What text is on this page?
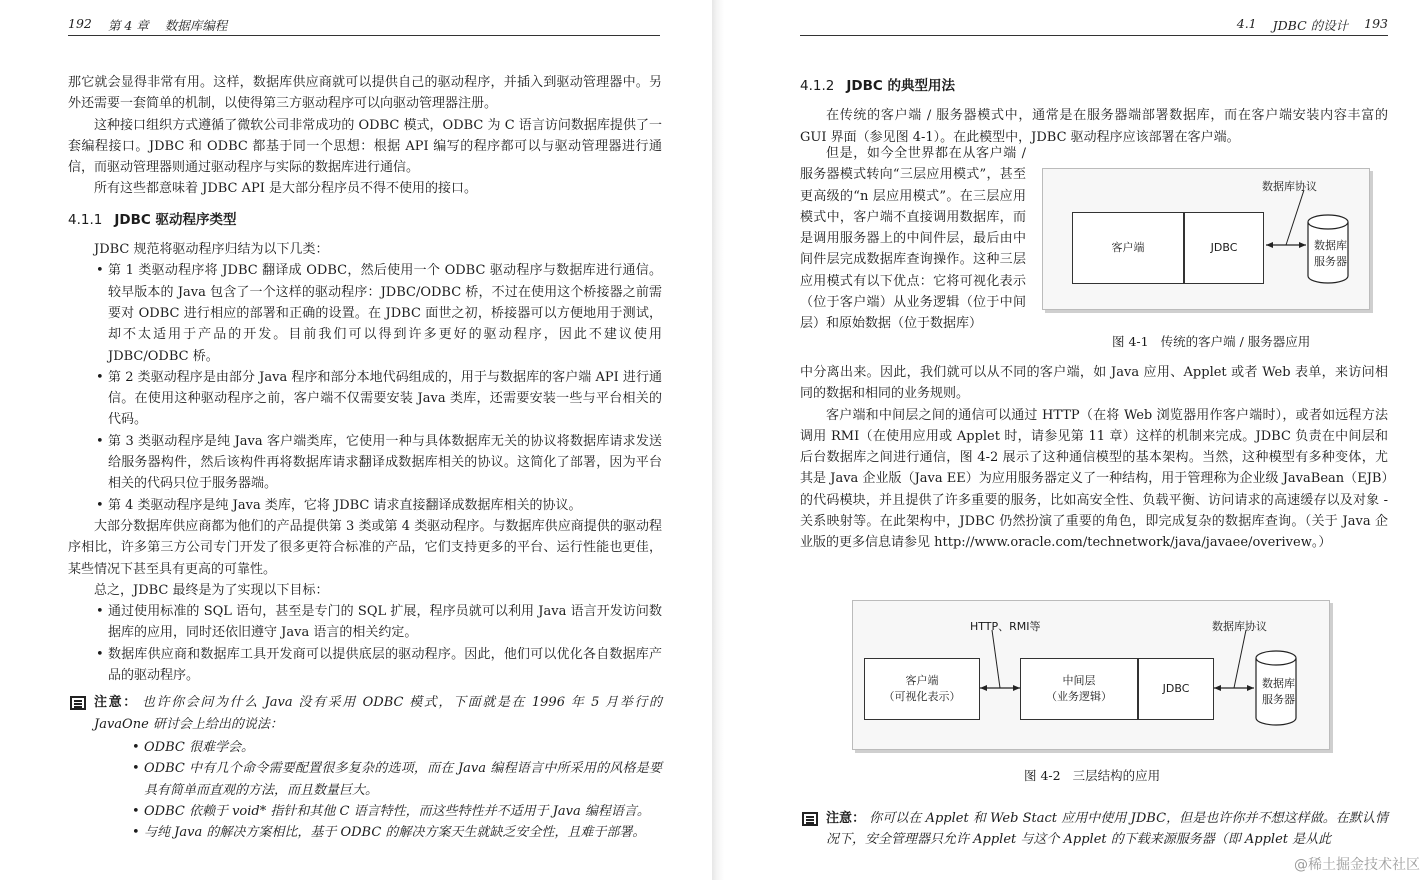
192 第 4 章 数据库编程

那它就会显得非常有用。这样，数据库供应商就可以提供自己的驱动程序，并插入到驱动管理器中。另外还需要一套简单的机制，以使得第三方驱动程序可以向驱动管理器注册。

这种接口组织方式遵循了微软公司非常成功的 ODBC 模式，ODBC 为 C 语言访问数据库提供了一套编程接口。JDBC 和 ODBC 都基于同一个思想：根据 API 编写的程序都可以与驱动管理器进行通信，而驱动管理器则通过驱动程序与实际的数据库进行通信。

所有这些都意味着 JDBC API 是大部分程序员不得不使用的接口。

4.1.1 JDBC 驱动程序类型

JDBC 规范将驱动程序归结为以下几类：

• 第 1 类驱动程序将 JDBC 翻译成 ODBC，然后使用一个 ODBC 驱动程序与数据库进行通信。较早版本的 Java 包含了一个这样的驱动程序：JDBC/ODBC 桥，不过在使用这个桥接器之前需要对 ODBC 进行相应的部署和正确的设置。在 JDBC 面世之初，桥接器可以方便地用于测试，却不太适用于产品的开发。目前我们可以得到许多更好的驱动程序，因此不建议使用 JDBC/ODBC 桥。
• 第 2 类驱动程序是由部分 Java 程序和部分本地代码组成的，用于与数据库的客户端 API 进行通信。在使用这种驱动程序之前，客户端不仅需要安装 Java 类库，还需要安装一些与平台相关的代码。
• 第 3 类驱动程序是纯 Java 客户端类库，它使用一种与具体数据库无关的协议将数据库请求发送给服务器构件，然后该构件再将数据库请求翻译成数据库相关的协议。这简化了部署，因为平台相关的代码只位于服务器端。
• 第 4 类驱动程序是纯 Java 类库，它将 JDBC 请求直接翻译成数据库相关的协议。

大部分数据库供应商都为他们的产品提供第 3 类或第 4 类驱动程序。与数据库供应商提供的驱动程序相比，许多第三方公司专门开发了很多更符合标准的产品，它们支持更多的平台、运行性能也更佳，某些情况下甚至具有更高的可靠性。

总之，JDBC 最终是为了实现以下目标：

• 通过使用标准的 SQL 语句，甚至是专门的 SQL 扩展，程序员就可以利用 Java 语言开发访问数据库的应用，同时还依旧遵守 Java 语言的相关约定。
• 数据库供应商和数据库工具开发商可以提供底层的驱动程序。因此，他们可以优化各自数据库产品的驱动程序。
注意： 也许你会问为什么 Java 没有采用 ODBC 模式，下面就是在 1996 年 5 月举行的 JavaOne 研讨会上给出的说法：
• ODBC 很难学会。
• ODBC 中有几个命令需要配置很多复杂的选项，而在 Java 编程语言中所采用的风格是要具有简单而直观的方法，而且数量巨大。
• ODBC 依赖于 void* 指针和其他 C 语言特性，而这些特性并不适用于 Java 编程语言。
• 与纯 Java 的解决方案相比，基于 ODBC 的解决方案天生就缺乏安全性，且难于部署。
4.1 JDBC 的设计 193
4.1.2 JDBC 的典型用法

在传统的客户端 / 服务器模式中，通常是在服务器端部署数据库，而在客户端安装内容丰富的 GUI 界面（参见图 4-1）。在此模型中，JDBC 驱动程序应该部署在客户端。

但是，如今全世界都在从客户端 / 服务器模式转向“三层应用模式”，甚至更高级的“n 层应用模式”。在三层应用模式中，客户端不直接调用数据库，而是调用服务器上的中间件层，最后由中间件层完成数据库查询操作。这种三层应用模式有以下优点：它将可视化表示（位于客户端）从业务逻辑（位于中间层）和原始数据（位于数据库）
数据库协议
客户端	JDBC	数据库
服务器
图 4-1 传统的客户端 / 服务器应用

中分离出来。因此，我们就可以从不同的客户端，如 Java 应用、Applet 或者 Web 表单，来访问相同的数据和相同的业务规则。

客户端和中间层之间的通信可以通过 HTTP（在将 Web 浏览器用作客户端时），或者如远程方法调用 RMI（在使用应用或 Applet 时，请参见第 11 章）这样的机制来完成。JDBC 负责在中间层和后台数据库之间进行通信，图 4-2 展示了这种通信模型的基本架构。当然，这种模型有多种变体，尤其是 Java 企业版（Java EE）为应用服务器定义了一种结构，用于管理称为企业级 JavaBean（EJB）的代码模块，并且提供了许多重要的服务，比如高安全性、负载平衡、访问请求的高速缓存以及对象 - 关系映射等。在此架构中，JDBC 仍然扮演了重要的角色，即完成复杂的数据库查询。（关于 Java 企业版的更多信息请参见 http://www.oracle.com/technetwork/java/javaee/overivew。）

HTTP、RMI等	数据库协议
客户端
（可视化表示）
中间层
（业务逻辑）
JDBC	数据库
服务器
图 4-2 三层结构的应用
注意： 你可以在 Applet 和 Web Stact 应用中使用 JDBC，但是也许你并不想这样做。在默认情况下，安全管理器只允许 Applet 与这个 Applet 的下载来源服务器（即 Applet 是从此
@稀土掘金技术社区
